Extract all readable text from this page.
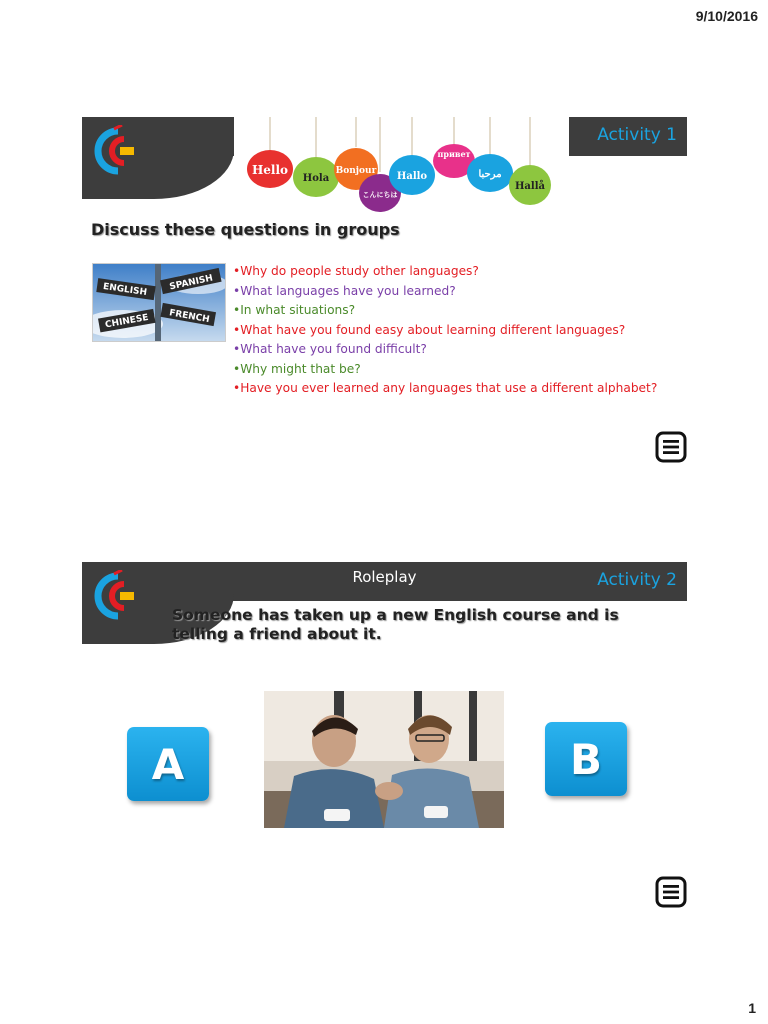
9/10/2016
Hello
Hola
Bonjour
こんにちは
Hallo
привет
مرحبا
Hallå
Activity 1
Discuss these questions in groups
ENGLISH SPANISH
CHINESE FRENCH
•Why do people study other languages?
•What languages have you learned?
•In what situations?
•What have you found easy about learning different languages?
•What have you found difficult?
•Why might that be?
•Have you ever learned any languages that use a different alphabet?
Roleplay	Activity 2
Someone has taken up a new English course and is telling a friend about it.
A	B
1
